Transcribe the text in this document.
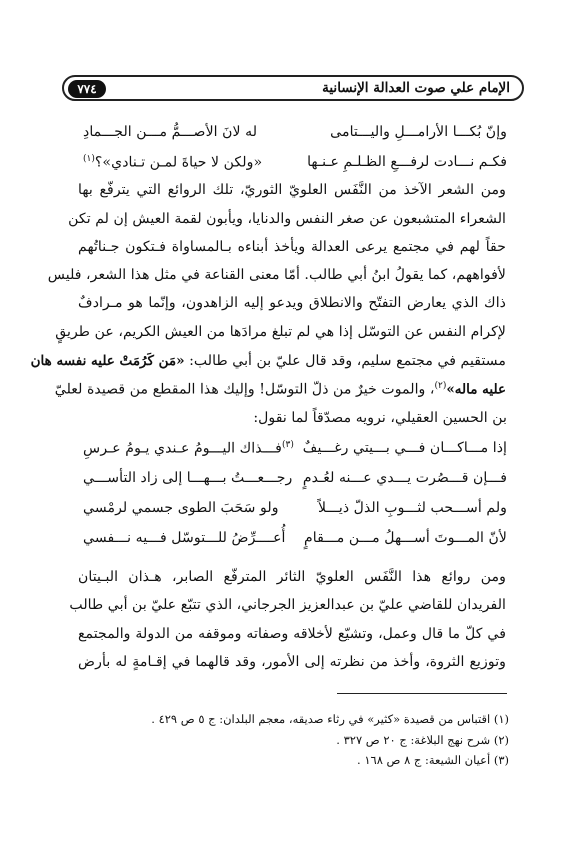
الإمام علي صوت العدالة الإنسانية
٧٧٤
وإنّ بُكـــا الأرامـــلِ واليـــتامى
له لانَ الأصـــمُّ مـــن الجـــمادِ
فكـم نـــادت لرفـــعِ الظـلـمِ عـنـها
«ولكن لا حياةَ لمـن تـنادي»؟$^{(١)}$
ومن الشعر الآخذ من النَّفَس العلويّ الثوريّ، تلك الروائع التي يترفّع بها
الشعراء المتشبعون عن صغر النفس والدنايا، ويأبون لقمة العيش إن لم تكن
حقاً لهم في مجتمع يرعى العدالة ويأخذ أبناءه بـالمساواة فـتكون جـناتُهم
لأفواههم، كما يقولُ ابنُ أبي طالب. أمّا معنى القناعة في مثل هذا الشعر، فليس
ذاك الذي يعارض التفتّح والانطلاق ويدعو إليه الزاهدون، وإنّما هو مـرادفٌ
لإكرام النفس عن التوسّل إذا هي لم تبلغ مرادَها من العيش الكريم، عن طريقٍ
مستقيم في مجتمع سليم، وقد قال عليّ بن أبي طالب: «مَن كَرُمَتْ عليه نفسه هان
عليه ماله»$^{(٢)}$، والموت خيرٌ من ذلّ التوسّل! وإليك هذا المقطع من قصيدة لعليّ
بن الحسين العقيلي، نرويه مصدّقاً لما نقول:
إذا مـــاكـــان فـــي بـــيتي رغـــيفٌ
$^{(٣)}$فـــذاك اليـــومُ عـندي يـومُ عـرسِ
فـــإن قـــصُرت يـــدي عـــنه لعُـدمٍ
رجـــعـــتُ بـــهـــا إلى زاد التأســـي
ولم أســـحب لثـــوبِ الذلّ ذيـــلاً
ولو سَحَبَ الطوى جسمي لرمْسي
لأنّ المـــوتَ أســـهلُ مـــن مـــقامٍ
أُعــــرِّضُ للـــتوسّل فـــيه نـــفسي
ومن روائع هذا النَّفَس العلويّ الثائر المترفّع الصابر، هـذان البـيتان
الفريدان للقاضي عليّ بن عبدالعزيز الجرجاني، الذي تتبّع عليّ بن أبي طالب
في كلّ ما قال وعمل، وتشيّع لأخلاقه وصفاته وموقفه من الدولة والمجتمع
وتوزيع الثروة، وأخذ من نظرته إلى الأمور، وقد قالهما في إقـامةٍ له بأرض
(١) اقتباس من قصيدة «كثير» في رثاء صديقه، معجم البلدان: ج ٥ ص ٤٢٩ .
(٢) شرح نهج البلاغة: ج ٢٠ ص ٣٢٧ .
(٣) أعيان الشيعة: ج ٨ ص ١٦٨ .
